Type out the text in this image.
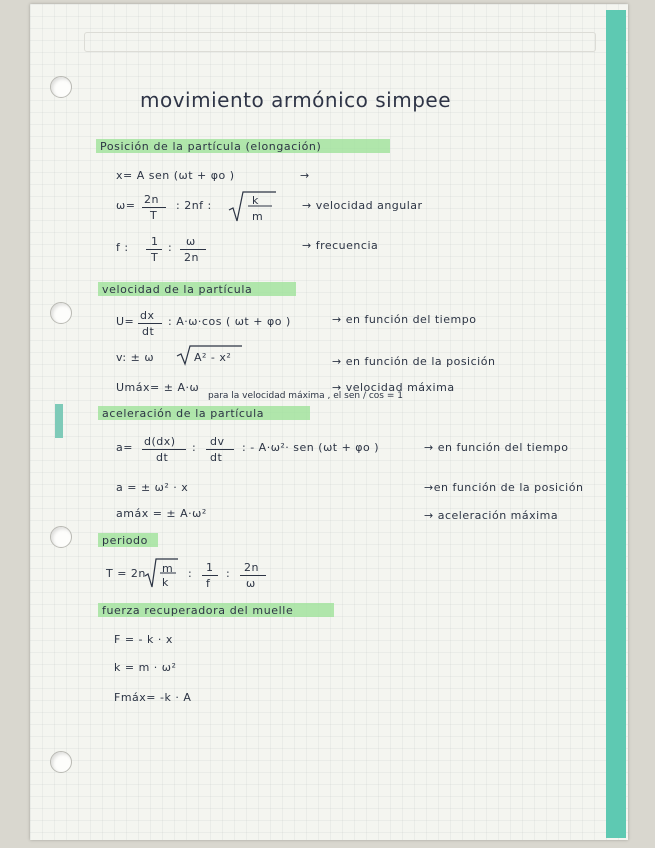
movimiento armónico simpee
Posición de la partícula (elongación)
x= A sen (ωt + φo )	→
ω= 2n
T
: 2nf :	k
m
→ velocidad angular
f : 1
T
: ω
2n
→ frecuencia
velocidad de la partícula
U= dx
dt
: A·ω·cos ( ωt + φo )	→ en función del tiempo
v: ± ω	A² - x²	→ en función de la posición
Umáx= ± A·ω	→ velocidad máxima
para la velocidad máxima , el sen / cos = 1
aceleración de la partícula
a= d(dx)
dt
: dv
dt
: - A·ω²· sen (ωt + φo )	→ en función del tiempo
a = ± ω² · x	→en función de la posición
amáx = ± A·ω²	→ aceleración máxima
periodo
T = 2n m
k
: 1
f
: 2n
ω
fuerza recuperadora del muelle
F = - k · x
k = m · ω²
Fmáx= -k · A
